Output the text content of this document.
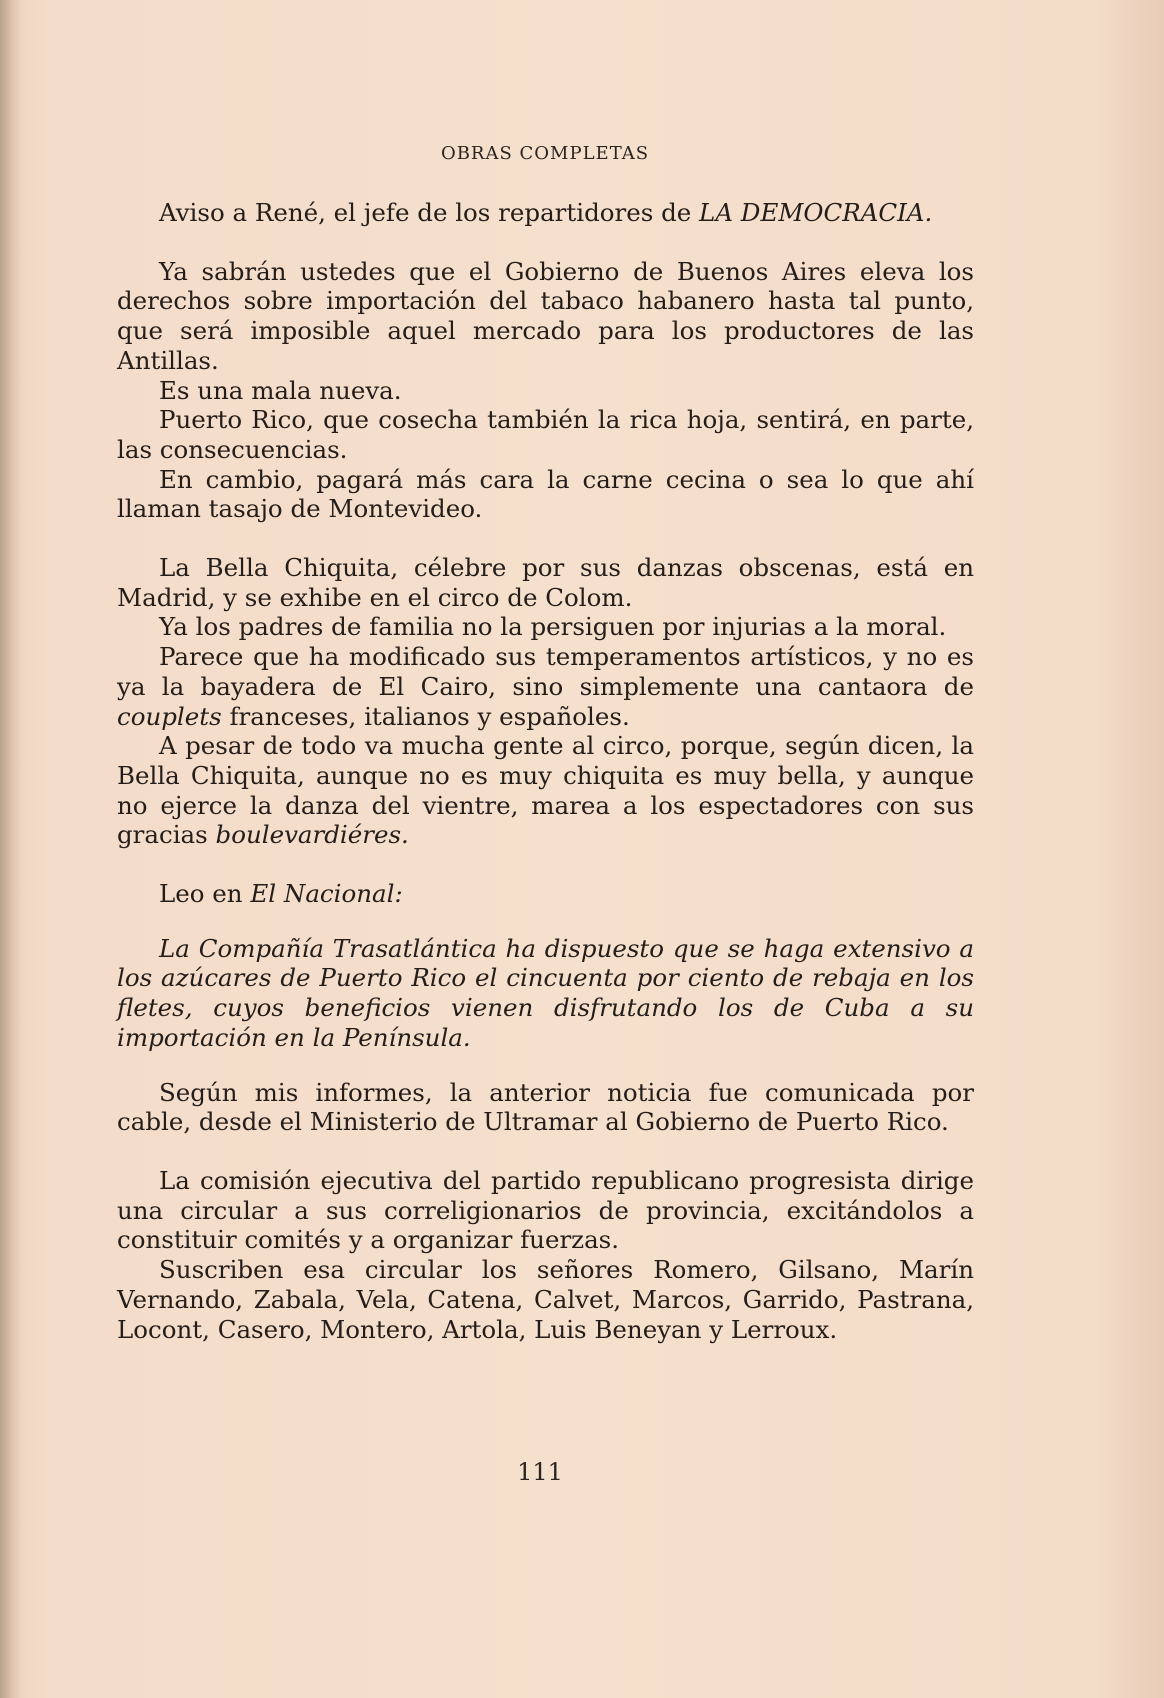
OBRAS COMPLETAS

Aviso a René, el jefe de los repartidores de LA DEMOCRACIA.

Ya sabrán ustedes que el Gobierno de Buenos Aires eleva los derechos sobre importación del tabaco habanero hasta tal punto, que será imposible aquel mercado para los productores de las Antillas.

Es una mala nueva.

Puerto Rico, que cosecha también la rica hoja, sentirá, en parte, las consecuencias.

En cambio, pagará más cara la carne cecina o sea lo que ahí llaman tasajo de Montevideo.

La Bella Chiquita, célebre por sus danzas obscenas, está en Madrid, y se exhibe en el circo de Colom.

Ya los padres de familia no la persiguen por injurias a la moral.

Parece que ha modificado sus temperamentos artísticos, y no es ya la bayadera de El Cairo, sino simplemente una cantaora de couplets franceses, italianos y españoles.

A pesar de todo va mucha gente al circo, porque, según dicen, la Bella Chiquita, aunque no es muy chiquita es muy bella, y aunque no ejerce la danza del vientre, marea a los espectadores con sus gracias boulevardiéres.

Leo en El Nacional:

La Compañía Trasatlántica ha dispuesto que se haga extensivo a los azúcares de Puerto Rico el cincuenta por ciento de rebaja en los fletes, cuyos beneficios vienen disfrutando los de Cuba a su importación en la Península.

Según mis informes, la anterior noticia fue comunicada por cable, desde el Ministerio de Ultramar al Gobierno de Puerto Rico.

La comisión ejecutiva del partido republicano progresista dirige una circular a sus correligionarios de provincia, excitándolos a constituir comités y a organizar fuerzas.

Suscriben esa circular los señores Romero, Gilsano, Marín Vernando, Zabala, Vela, Catena, Calvet, Marcos, Garrido, Pastrana, Locont, Casero, Montero, Artola, Luis Beneyan y Lerroux.

111
